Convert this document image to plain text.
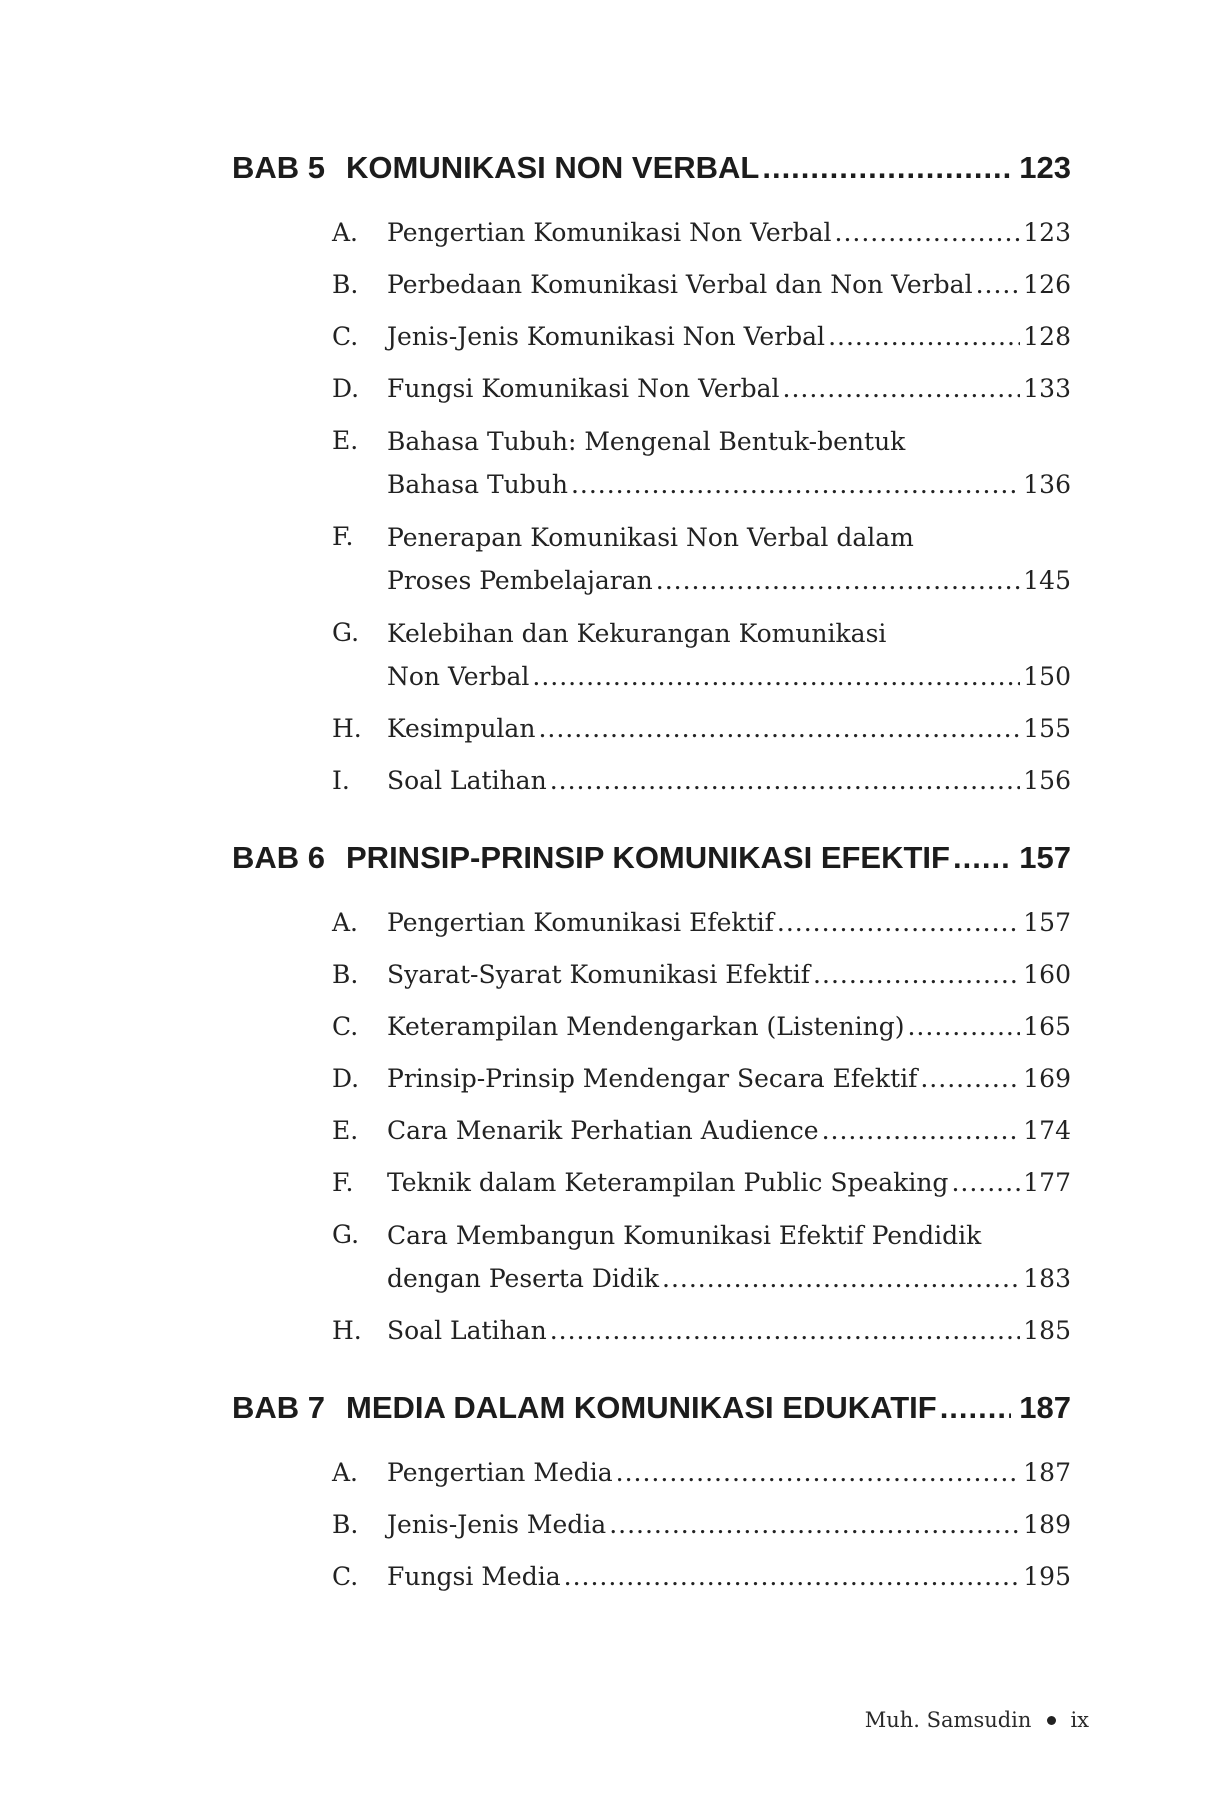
BAB 5 KOMUNIKASI NON VERBAL .....	123
A.	Pengertian Komunikasi Non Verbal .....	123
B.	Perbedaan Komunikasi Verbal dan Non Verbal ..... 126
C.	Jenis-Jenis Komunikasi Non Verbal .....	128
D.	Fungsi Komunikasi Non Verbal .....	133
E.	Bahasa Tubuh: Mengenal Bentuk-bentuk
Bahasa Tubuh .....	136
F.	Penerapan Komunikasi Non Verbal dalam
Proses Pembelajaran .....	145
G.	Kelebihan dan Kekurangan Komunikasi
Non Verbal .....	150
H.	Kesimpulan .....	155
I.	Soal Latihan .....	156
BAB 6 PRINSIP-PRINSIP KOMUNIKASI EFEKTIF ..... 157
A.	Pengertian Komunikasi Efektif .....	157
B.	Syarat-Syarat Komunikasi Efektif .....	160
C.	Keterampilan Mendengarkan (Listening) .....	165
D.	Prinsip-Prinsip Mendengar Secara Efektif .....	169
E.	Cara Menarik Perhatian Audience .....	174
F.	Teknik dalam Keterampilan Public Speaking .....	177
G.	Cara Membangun Komunikasi Efektif Pendidik
dengan Peserta Didik .....	183
H.	Soal Latihan .....	185
BAB 7 MEDIA DALAM KOMUNIKASI EDUKATIF .....	187
A.	Pengertian Media .....	187
B.	Jenis-Jenis Media .....	189
C.	Fungsi Media .....	195
Muh. Samsudin ix
